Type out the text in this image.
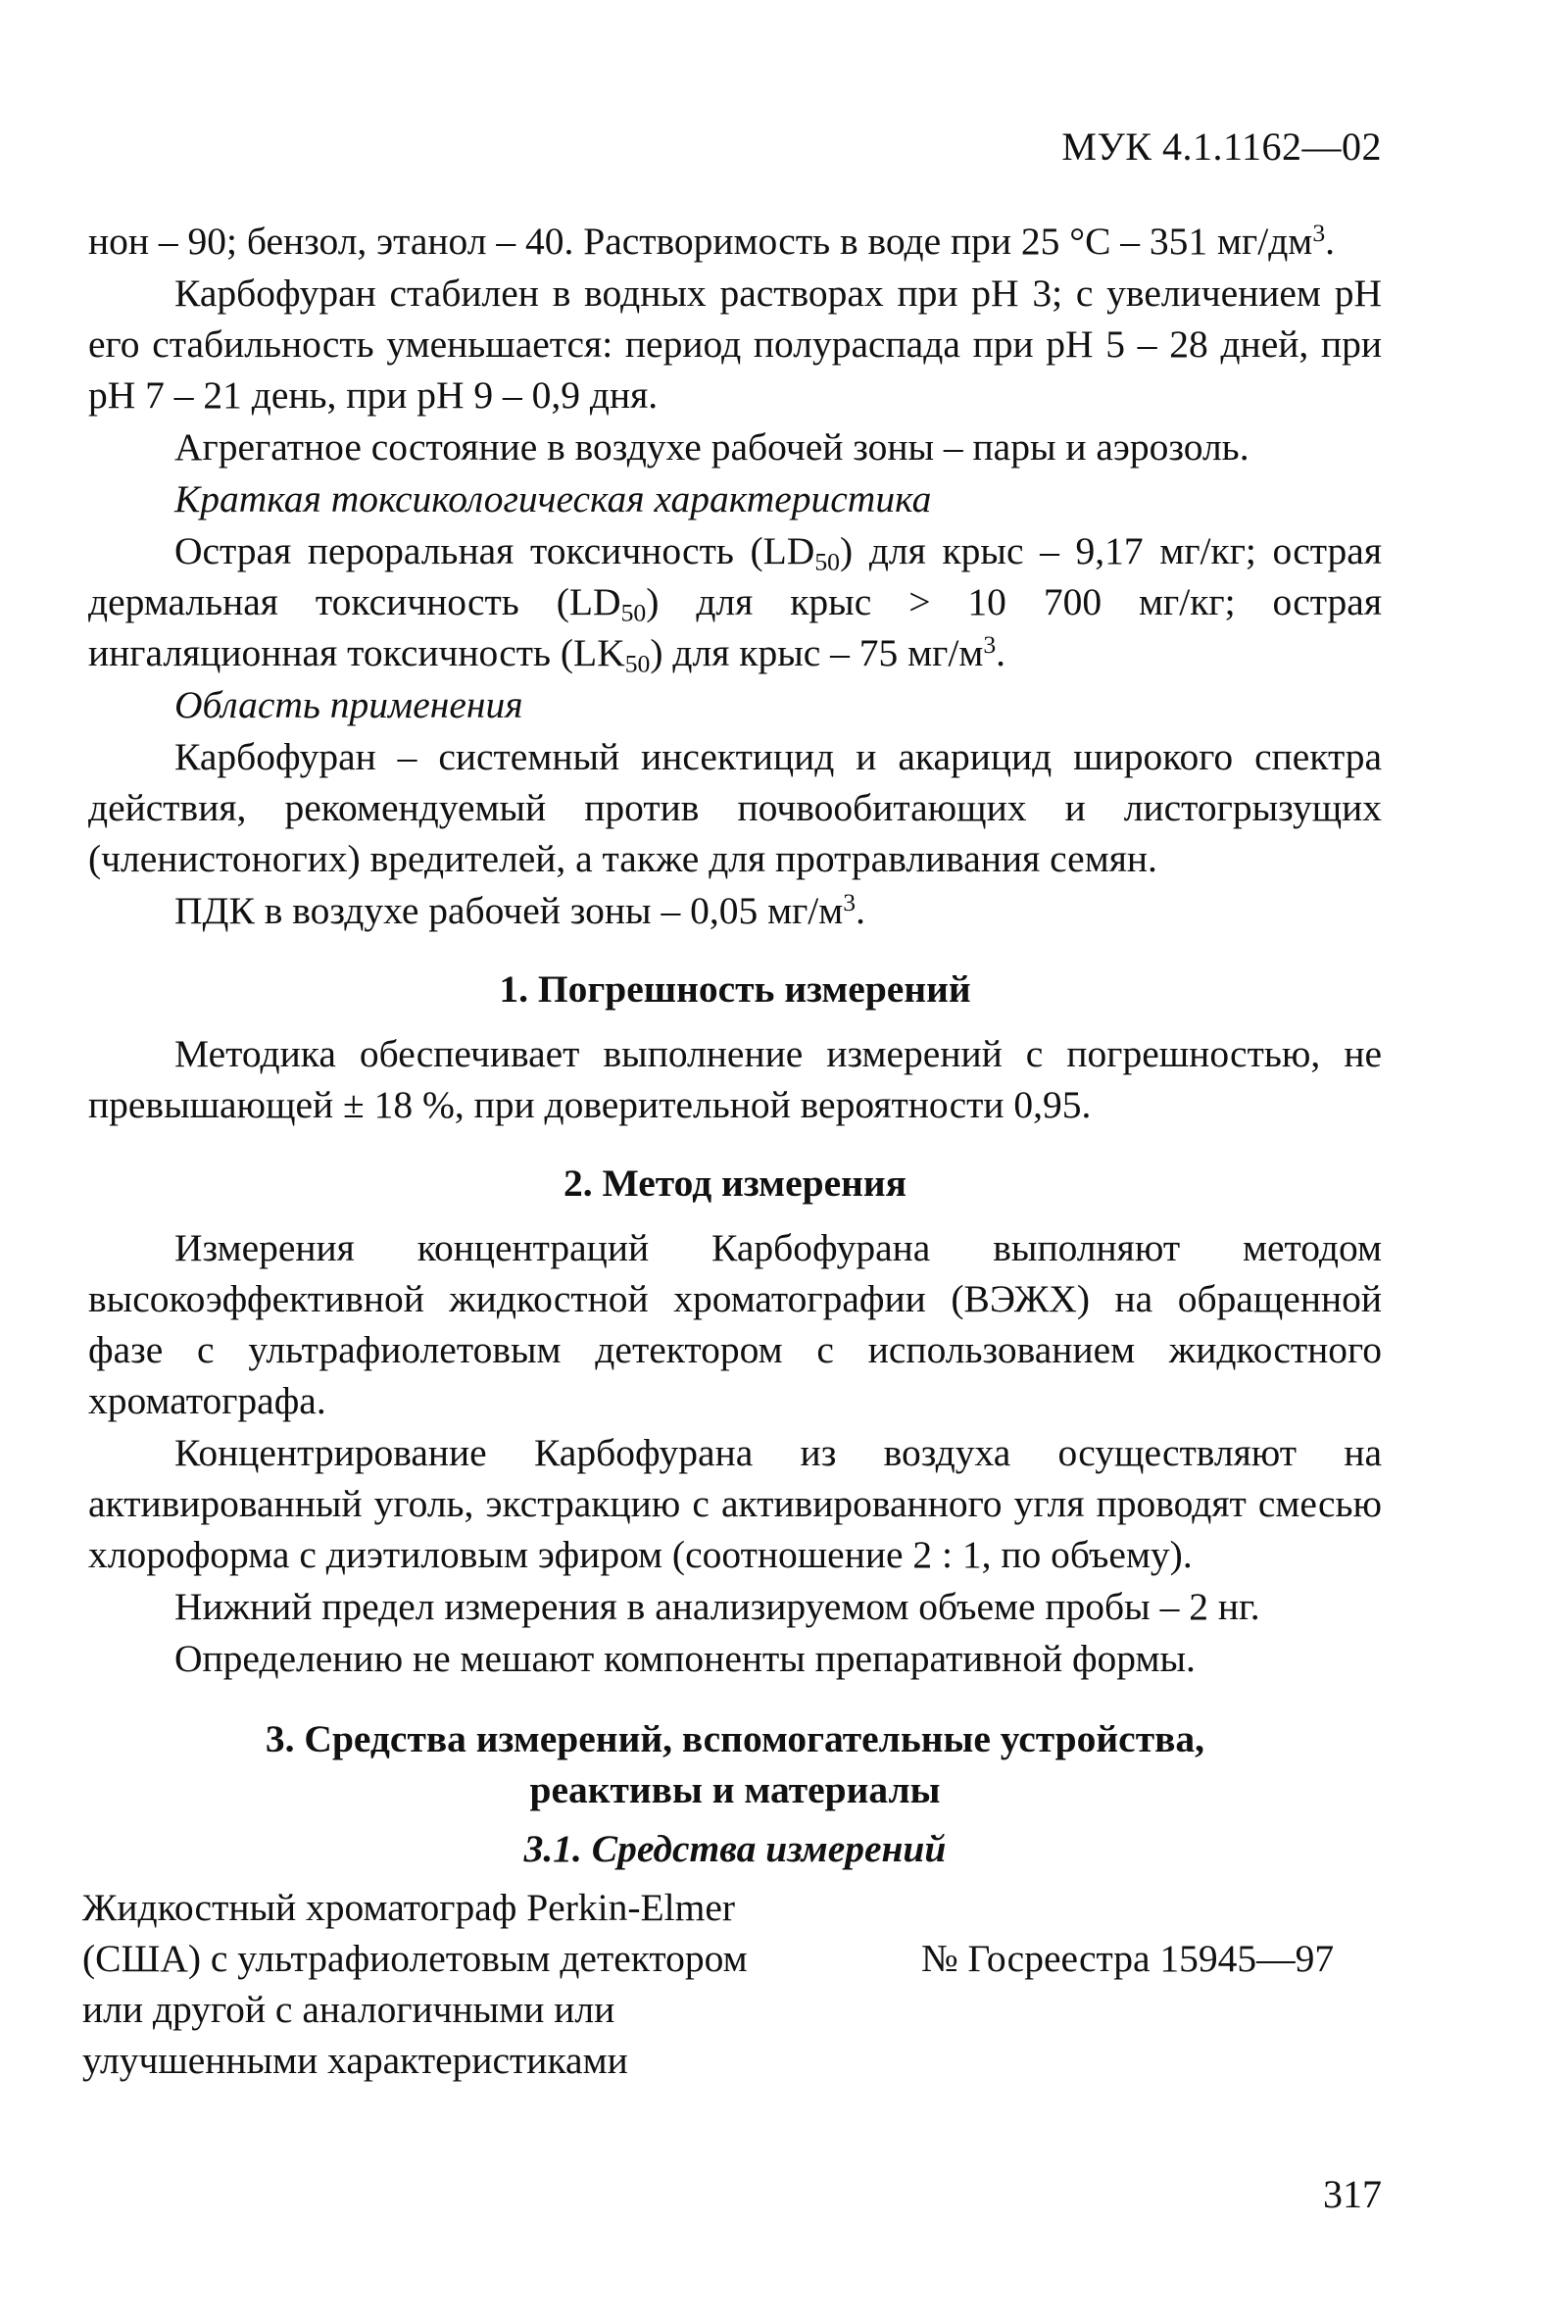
МУК 4.1.1162—02

нон – 90; бензол, этанол – 40. Растворимость в воде при 25 °C – 351 $мг/дм^3$.

Карбофуран стабилен в водных растворах при pH 3; с увеличением pH его стабильность уменьшается: период полураспада при pH 5 – 28 дней, при pH 7 – 21 день, при pH 9 – 0,9 дня.

Агрегатное состояние в воздухе рабочей зоны – пары и аэрозоль.

Краткая токсикологическая характеристика

Острая пероральная токсичность $(LD_{50})$ для крыс – 9,17 мг/кг; острая дермальная токсичность $(LD_{50})$ для крыс > 10 700 мг/кг; острая ингаляционная токсичность $(LK_{50})$ для крыс – 75 $мг/м^3$.

Область применения

Карбофуран – системный инсектицид и акарицид широкого спектра действия, рекомендуемый против почвообитающих и листогрызущих (членистоногих) вредителей, а также для протравливания семян.

ПДК в воздухе рабочей зоны – 0,05 $мг/м^3$.

1. Погрешность измерений

Методика обеспечивает выполнение измерений с погрешностью, не превышающей ± 18 %, при доверительной вероятности 0,95.

2. Метод измерения

Измерения концентраций Карбофурана выполняют методом высокоэффективной жидкостной хроматографии (ВЭЖХ) на обращенной фазе с ультрафиолетовым детектором с использованием жидкостного хроматографа.

Концентрирование Карбофурана из воздуха осуществляют на активированный уголь, экстракцию с активированного угля проводят смесью хлороформа с диэтиловым эфиром (соотношение 2 : 1, по объему).

Нижний предел измерения в анализируемом объеме пробы – 2 нг.

Определению не мешают компоненты препаративной формы.

3. Средства измерений, вспомогательные устройства,

реактивы и материалы

3.1. Средства измерений

Жидкостный хроматограф Perkin-Elmer
(США) с ультрафиолетовым детектором
или другой с аналогичными или
улучшенными характеристиками
№ Госреестра 15945—97
317
